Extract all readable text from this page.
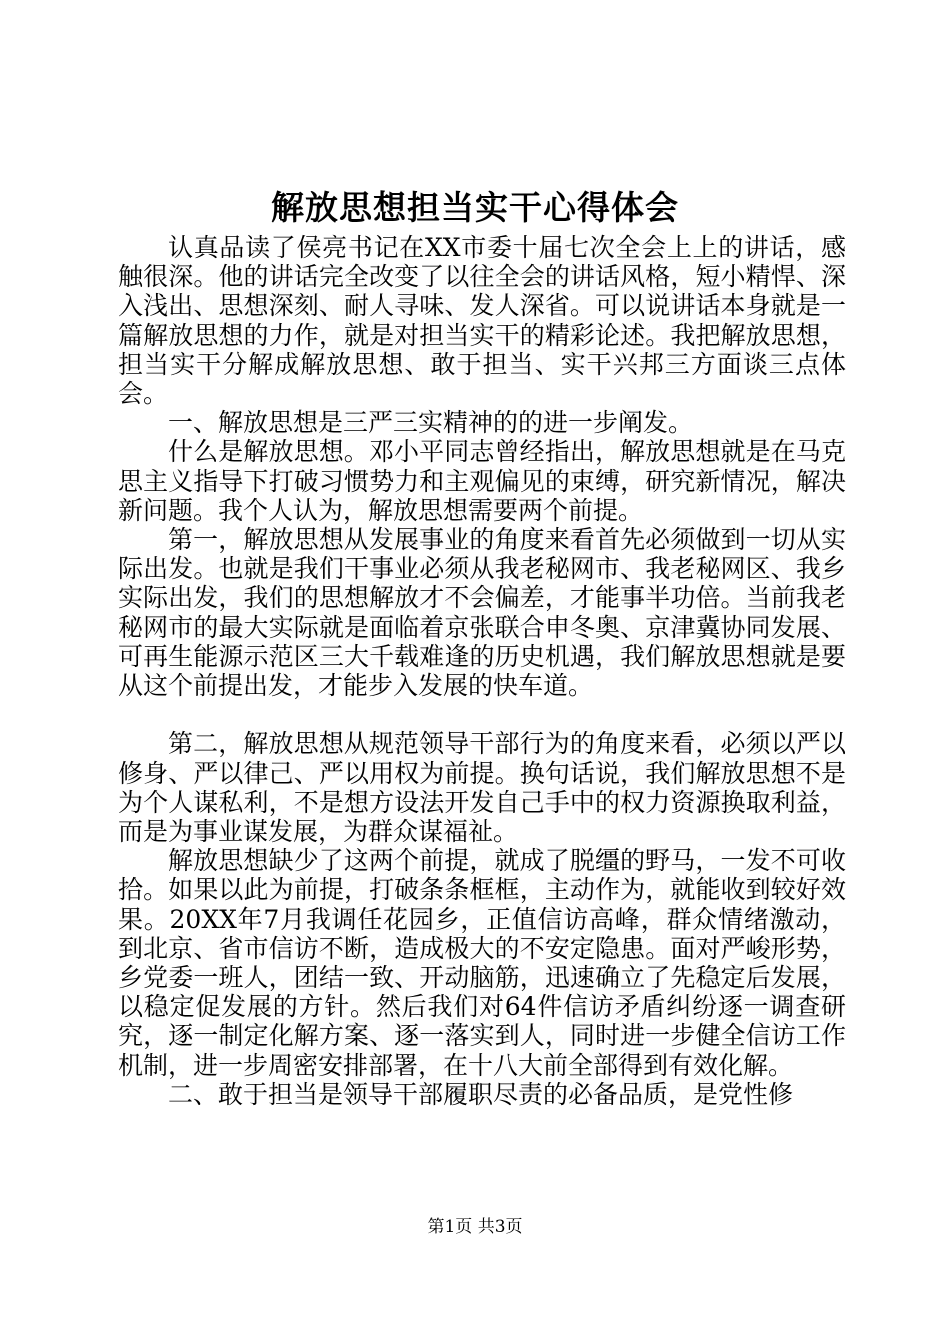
解放思想担当实干心得体会

认真品读了侯亮书记在XX市委十届七次全会上上的讲话，感触很深。他的讲话完全改变了以往全会的讲话风格，短小精悍、深入浅出、思想深刻、耐人寻味、发人深省。可以说讲话本身就是一篇解放思想的力作，就是对担当实干的精彩论述。我把解放思想，担当实干分解成解放思想、敢于担当、实干兴邦三方面谈三点体会。

一、解放思想是三严三实精神的的进一步阐发。

什么是解放思想。邓小平同志曾经指出，解放思想就是在马克思主义指导下打破习惯势力和主观偏见的束缚，研究新情况，解决新问题。我个人认为，解放思想需要两个前提。

第一，解放思想从发展事业的角度来看首先必须做到一切从实际出发。也就是我们干事业必须从我老秘网市、我老秘网区、我乡实际出发，我们的思想解放才不会偏差，才能事半功倍。当前我老秘网市的最大实际就是面临着京张联合申冬奥、京津冀协同发展、可再生能源示范区三大千载难逢的历史机遇，我们解放思想就是要从这个前提出发，才能步入发展的快车道。

第二，解放思想从规范领导干部行为的角度来看，必须以严以修身、严以律己、严以用权为前提。换句话说，我们解放思想不是为个人谋私利，不是想方设法开发自己手中的权力资源换取利益，而是为事业谋发展，为群众谋福祉。

解放思想缺少了这两个前提，就成了脱缰的野马，一发不可收拾。如果以此为前提，打破条条框框，主动作为，就能收到较好效果。20XX年7月我调任花园乡，正值信访高峰，群众情绪激动，到北京、省市信访不断，造成极大的不安定隐患。面对严峻形势，乡党委一班人，团结一致、开动脑筋，迅速确立了先稳定后发展，以稳定促发展的方针。然后我们对64件信访矛盾纠纷逐一调查研究，逐一制定化解方案、逐一落实到人，同时进一步健全信访工作机制，进一步周密安排部署，在十八大前全部得到有效化解。

二、敢于担当是领导干部履职尽责的必备品质，是党性修

第1页 共3页
